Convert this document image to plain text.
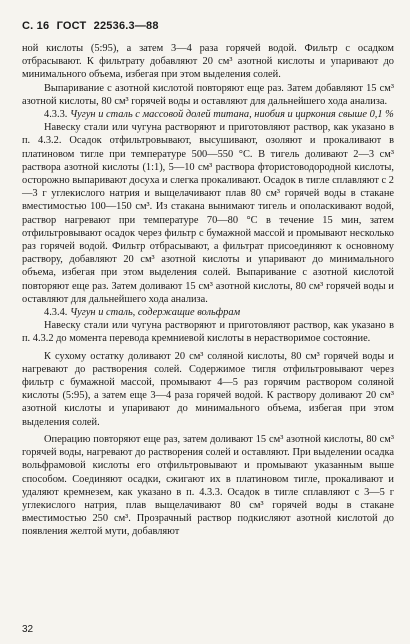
С. 16 ГОСТ 22536.3—88

ной кислоты (5:95), а затем 3—4 раза горячей водой. Фильтр с осадком отбрасывают. К фильтрату добавляют 20 см³ азотной кислоты и упаривают до минимального объема, избегая при этом выделения солей.

Выпаривание с азотной кислотой повторяют еще раз. Затем добавляют 15 см³ азотной кислоты, 80 см³ горячей воды и оставляют для дальнейшего хода анализа.

4.3.3. Чугун и сталь с массовой долей титана, ниобия и циркония свыше 0,1 %

Навеску стали или чугуна растворяют и приготовляют раствор, как указано в п. 4.3.2. Осадок отфильтровывают, высушивают, озоляют и прокаливают в платиновом тигле при температуре 500—550 °С. В тигель доливают 2—3 см³ раствора азотной кислоты (1:1), 5—10 см³ раствора фтористоводородной кислоты, осторожно выпаривают досуха и слегка прокаливают. Осадок в тигле сплавляют с 2—3 г углекислого натрия и выщелачивают плав 80 см³ горячей воды в стакане вместимостью 100—150 см³. Из стакана вынимают тигель и ополаскивают водой, раствор нагревают при температуре 70—80 °С в течение 15 мин, затем отфильтровывают осадок через фильтр с бумажной массой и промывают несколько раз горячей водой. Фильтр отбрасывают, а фильтрат присоединяют к основному раствору, добавляют 20 см³ азотной кислоты и упаривают до минимального объема, избегая при этом выделения солей. Выпаривание с азотной кислотой повторяют еще раз. Затем доливают 15 см³ азотной кислоты, 80 см³ горячей воды и оставляют для дальнейшего хода анализа.

4.3.4. Чугун и сталь, содержащие вольфрам

Навеску стали или чугуна растворяют и приготовляют раствор, как указано в п. 4.3.2 до момента перевода кремниевой кислоты в нерастворимое состояние.

К сухому остатку доливают 20 см³ соляной кислоты, 80 см³ горячей воды и нагревают до растворения солей. Содержимое тигля отфильтровывают через фильтр с бумажной массой, промывают 4—5 раз горячим раствором соляной кислоты (5:95), а затем еще 3—4 раза горячей водой. К раствору доливают 20 см³ азотной кислоты и упаривают до минимального объема, избегая при этом выделения солей.

Операцию повторяют еще раз, затем доливают 15 см³ азотной кислоты, 80 см³ горячей воды, нагревают до растворения солей и оставляют. При выделении осадка вольфрамовой кислоты его отфильтровывают и промывают указанным выше способом. Соединяют осадки, сжигают их в платиновом тигле, прокаливают и удаляют кремнезем, как указано в п. 4.3.3. Осадок в тигле сплавляют с 3—5 г углекислого натрия, плав выщелачивают 80 см³ горячей воды в стакане вместимостью 250 см³. Прозрачный раствор подкисляют азотной кислотой до появления желтой мути, добавляют

32
